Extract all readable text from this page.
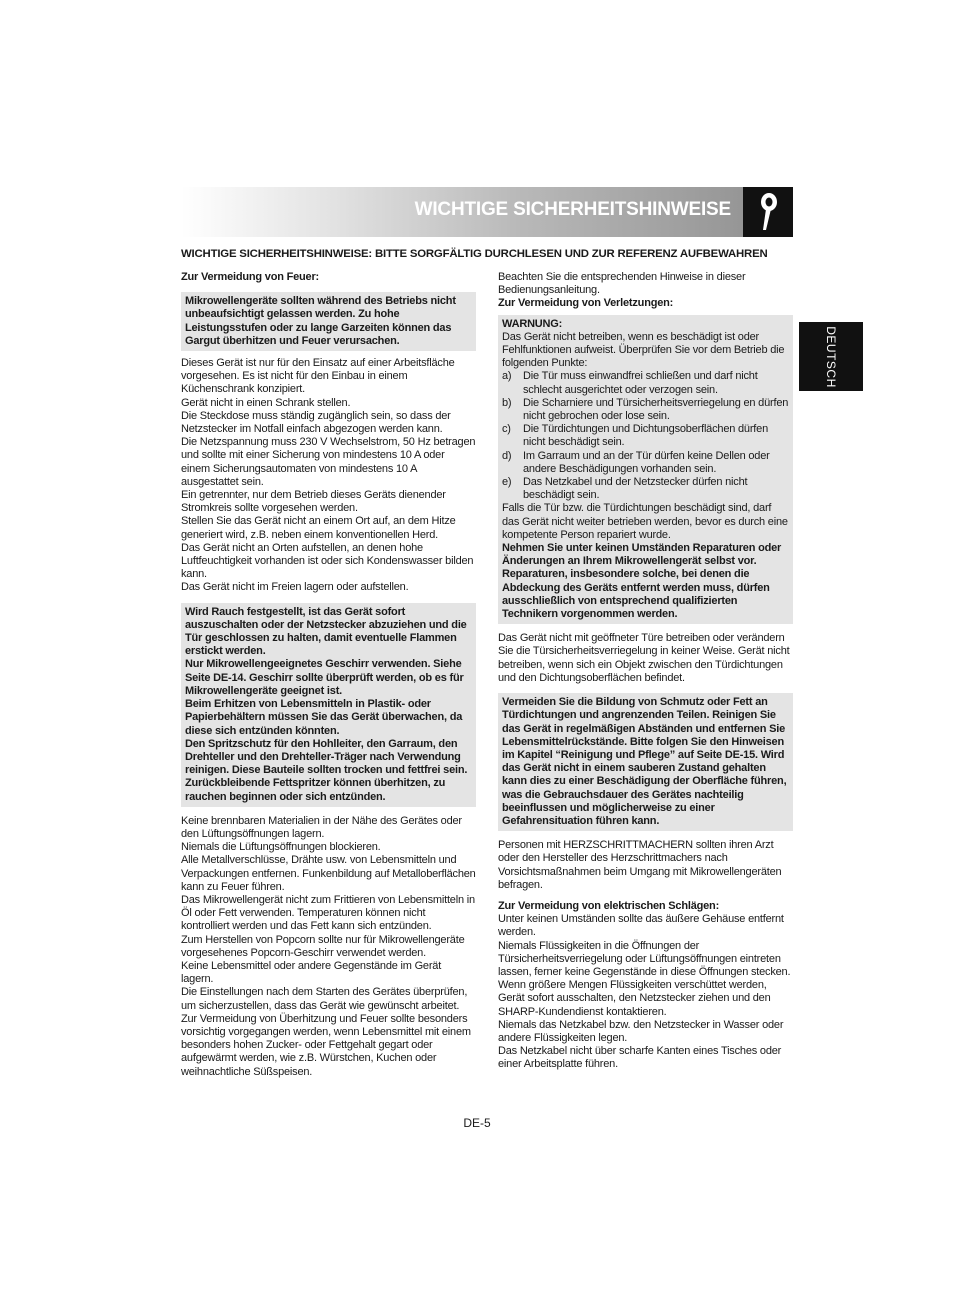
WICHTIGE SICHERHEITSHINWEISE
WICHTIGE SICHERHEITSHINWEISE: BITTE SORGFÄLTIG DURCHLESEN UND ZUR REFERENZ AUFBEWAHREN
DEUTSCH
Zur Vermeidung von Feuer:

Mikrowellengeräte sollten während des Betriebs nicht unbeaufsichtigt gelassen werden. Zu hohe Leistungsstufen oder zu lange Garzeiten können das Gargut überhitzen und Feuer verursachen.

Dieses Gerät ist nur für den Einsatz auf einer Arbeitsfläche vorgesehen. Es ist nicht für den Einbau in einem Küchenschrank konzipiert.

Gerät nicht in einen Schrank stellen.

Die Steckdose muss ständig zugänglich sein, so dass der Netzstecker im Notfall einfach abgezogen werden kann.

Die Netzspannung muss 230 V Wechselstrom, 50 Hz betragen und sollte mit einer Sicherung von mindestens 10 A oder einem Sicherungsautomaten von mindestens 10 A ausgestattet sein.

Ein getrennter, nur dem Betrieb dieses Geräts dienender Stromkreis sollte vorgesehen werden.

Stellen Sie das Gerät nicht an einem Ort auf, an dem Hitze generiert wird, z.B. neben einem konventionellen Herd.

Das Gerät nicht an Orten aufstellen, an denen hohe Luftfeuchtigkeit vorhanden ist oder sich Kondenswasser bilden kann.

Das Gerät nicht im Freien lagern oder aufstellen.

Wird Rauch festgestellt, ist das Gerät sofort auszuschalten oder der Netzstecker abzuziehen und die Tür geschlossen zu halten, damit eventuelle Flammen erstickt werden.

Nur Mikrowellengeeignetes Geschirr verwenden. Siehe Seite DE-14. Geschirr sollte überprüft werden, ob es für Mikrowellengeräte geeignet ist.

Beim Erhitzen von Lebensmitteln in Plastik- oder Papierbehältern müssen Sie das Gerät überwachen, da diese sich entzünden könnten.

Den Spritzschutz für den Hohlleiter, den Garraum, den Drehteller und den Drehteller-Träger nach Verwendung reinigen. Diese Bauteile sollten trocken und fettfrei sein. Zurückbleibende Fettspritzer können überhitzen, zu rauchen beginnen oder sich entzünden.

Keine brennbaren Materialien in der Nähe des Gerätes oder den Lüftungsöffnungen lagern.

Niemals die Lüftungsöffnungen blockieren.

Alle Metallverschlüsse, Drähte usw. von Lebensmitteln und Verpackungen entfernen. Funkenbildung auf Metalloberflächen kann zu Feuer führen.

Das Mikrowellengerät nicht zum Frittieren von Lebensmitteln in Öl oder Fett verwenden. Temperaturen können nicht kontrolliert werden und das Fett kann sich entzünden.

Zum Herstellen von Popcorn sollte nur für Mikrowellengeräte vorgesehenes Popcorn-Geschirr verwendet werden.

Keine Lebensmittel oder andere Gegenstände im Gerät lagern.

Die Einstellungen nach dem Starten des Gerätes überprüfen, um sicherzustellen, dass das Gerät wie gewünscht arbeitet.

Zur Vermeidung von Überhitzung und Feuer sollte besonders vorsichtig vorgegangen werden, wenn Lebensmittel mit einem besonders hohen Zucker- oder Fettgehalt gegart oder aufgewärmt werden, wie z.B. Würstchen, Kuchen oder weihnachtliche Süßspeisen.

Beachten Sie die entsprechenden Hinweise in dieser Bedienungsanleitung.

Zur Vermeidung von Verletzungen:

WARNUNG:

Das Gerät nicht betreiben, wenn es beschädigt ist oder Fehlfunktionen aufweist. Überprüfen Sie vor dem Betrieb die folgenden Punkte:

a) Die Tür muss einwandfrei schließen und darf nicht schlecht ausgerichtet oder verzogen sein.
b) Die Scharniere und Türsicherheitsverriegelung en dürfen nicht gebrochen oder lose sein.
c) Die Türdichtungen und Dichtungsoberflächen dürfen nicht beschädigt sein.
d) Im Garraum und an der Tür dürfen keine Dellen oder andere Beschädigungen vorhanden sein.
e) Das Netzkabel und der Netzstecker dürfen nicht beschädigt sein.

Falls die Tür bzw. die Türdichtungen beschädigt sind, darf das Gerät nicht weiter betrieben werden, bevor es durch eine kompetente Person repariert wurde.

Nehmen Sie unter keinen Umständen Reparaturen oder Änderungen an Ihrem Mikrowellengerät selbst vor. Reparaturen, insbesondere solche, bei denen die Abdeckung des Geräts entfernt werden muss, dürfen ausschließlich von entsprechend qualifizierten Technikern vorgenommen werden.

Das Gerät nicht mit geöffneter Türe betreiben oder verändern Sie die Türsicherheitsverriegelung in keiner Weise. Gerät nicht betreiben, wenn sich ein Objekt zwischen den Türdichtungen und den Dichtungsoberflächen befindet.

Vermeiden Sie die Bildung von Schmutz oder Fett an Türdichtungen und angrenzenden Teilen. Reinigen Sie das Gerät in regelmäßigen Abständen und entfernen Sie Lebensmittelrückstände. Bitte folgen Sie den Hinweisen im Kapitel “Reinigung und Pflege” auf Seite DE-15. Wird das Gerät nicht in einem sauberen Zustand gehalten kann dies zu einer Beschädigung der Oberfläche führen, was die Gebrauchsdauer des Gerätes nachteilig beeinflussen und möglicherweise zu einer Gefahrensituation führen kann.

Personen mit HERZSCHRITTMACHERN sollten ihren Arzt oder den Hersteller des Herzschrittmachers nach Vorsichtsmaßnahmen beim Umgang mit Mikrowellengeräten befragen.

Zur Vermeidung von elektrischen Schlägen:

Unter keinen Umständen sollte das äußere Gehäuse entfernt werden.

Niemals Flüssigkeiten in die Öffnungen der Türsicherheitsverriegelung oder Lüftungsöffnungen eintreten lassen, ferner keine Gegenstände in diese Öffnungen stecken. Wenn größere Mengen Flüssigkeiten verschüttet werden, Gerät sofort ausschalten, den Netzstecker ziehen und den SHARP-Kundendienst kontaktieren.

Niemals das Netzkabel bzw. den Netzstecker in Wasser oder andere Flüssigkeiten legen.

Das Netzkabel nicht über scharfe Kanten eines Tisches oder einer Arbeitsplatte führen.

DE-5
